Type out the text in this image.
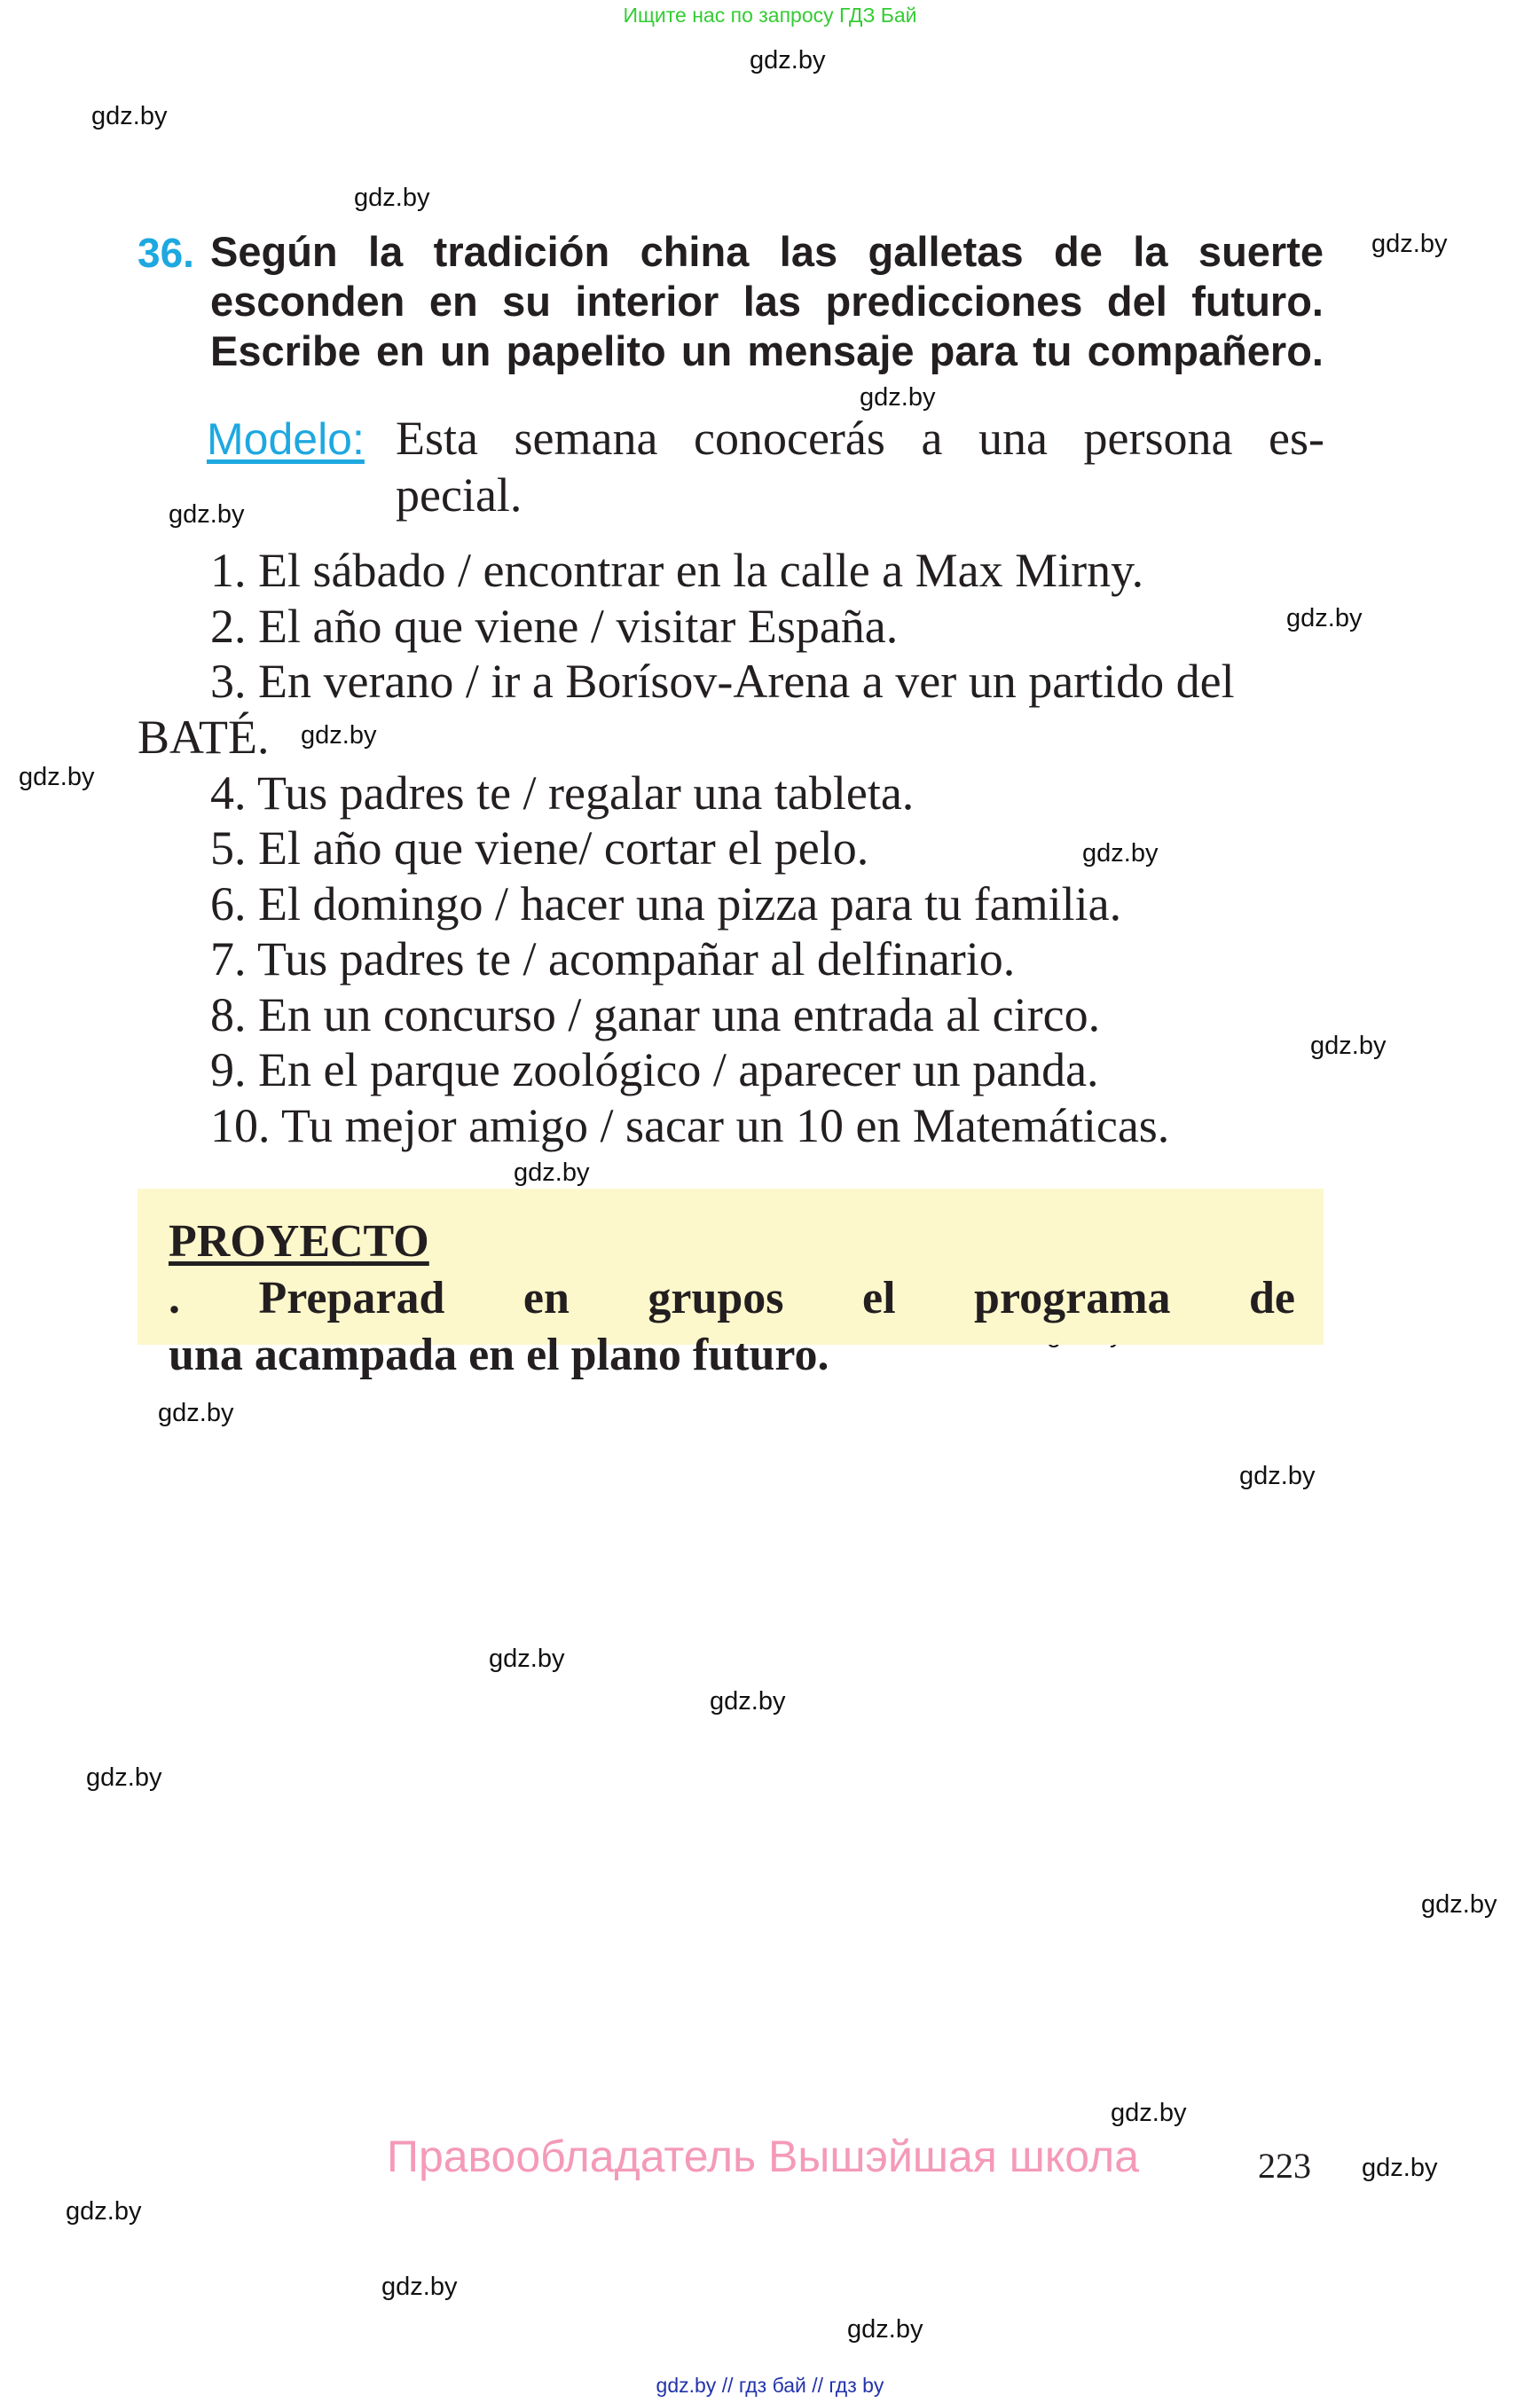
Ищите нас по запросу ГДЗ Бай
gdz.by
gdz.by
gdz.by
gdz.by
gdz.by
gdz.by
gdz.by
gdz.by
gdz.by
gdz.by
gdz.by
gdz.by
gdz.by
gdz.by
gdz.by
gdz.by
gdz.by
gdz.by
gdz.by
gdz.by
gdz.by
gdz.by
gdz.by
36. Según la tradición china las galletas de la suerte
esconden en su interior las predicciones del futuro.
Escribe en un papelito un mensaje para tu compañero.
Modelo: Esta semana conocerás a una persona es-
pecial.
1. El sábado / encontrar en la calle a Max Mirny.
2. El año que viene / visitar España.
3. En verano / ir a Borísov-Arena a ver un partido del
BATÉ.
4. Tus padres te / regalar una tableta.
5. El año que viene/ cortar el pelo.
6. El domingo / hacer una pizza para tu familia.
7. Tus padres te / acompañar al delfinario.
8. En un concurso / ganar una entrada al circo.
9. En el parque zoológico / aparecer un panda.
10. Tu mejor amigo / sacar un 10 en Matemáticas.
PROYECTO
. Preparad en grupos el programa de
una acampada en el plano futuro.
Правообладатель Вышэйшая школа	223
gdz.by // гдз бай // гдз by
